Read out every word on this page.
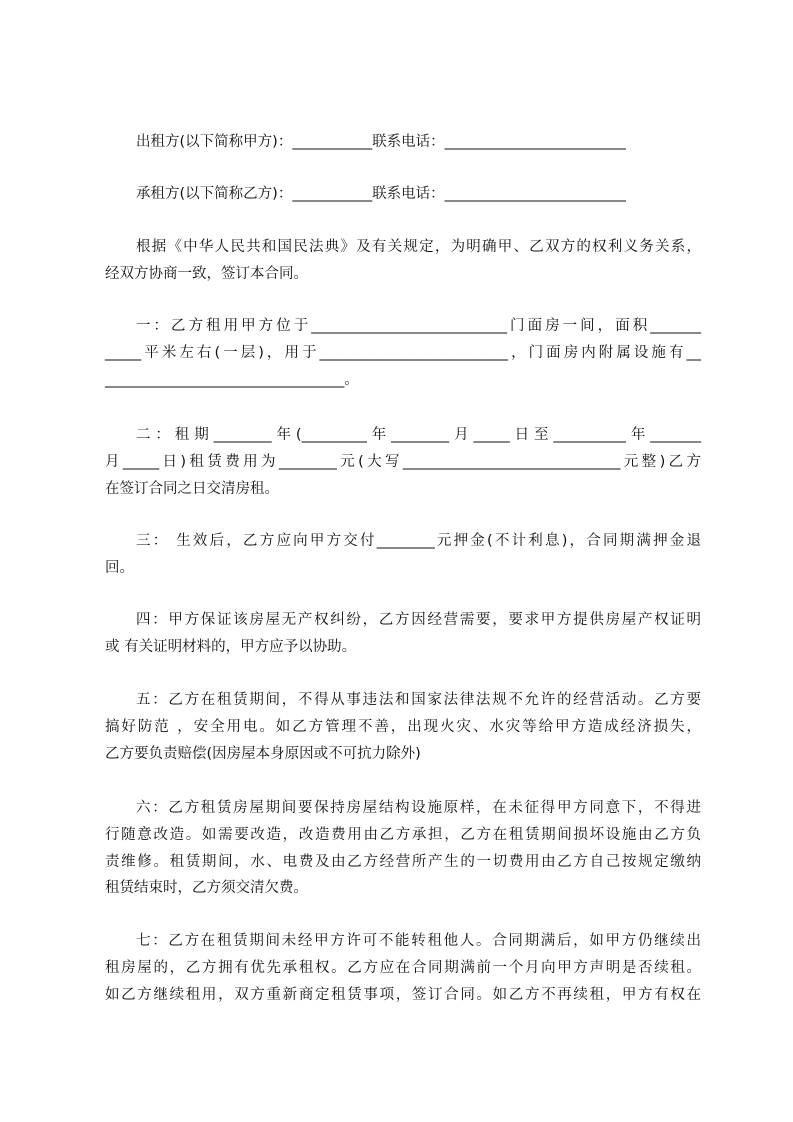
出租方(以下简称甲方)：___________联系电话：_________________________
承租方(以下简称乙方)：___________联系电话：_________________________
根据《中华人民共和国民法典》及有关规定，为明确甲、乙双方的权利义务关系，
经双方协商一致，签订本合同。
一：乙方租用甲方位于___________________________门面房一间，面积_______
_____平米左右(一层)，用于__________________________，门面房内附属设施有__
_________________________________。
二：租期________年(_________年________月_____日至__________年_______
月_____日)租赁费用为________元(大写______________________________元整)乙方
在签订合同之日交清房租。
三： 生效后，乙方应向甲方交付________元押金(不计利息)，合同期满押金退
回。
四：甲方保证该房屋无产权纠纷，乙方因经营需要，要求甲方提供房屋产权证明
或 有关证明材料的，甲方应予以协助。
五：乙方在租赁期间，不得从事违法和国家法律法规不允许的经营活动。乙方要
搞好防范 ，安全用电。如乙方管理不善，出现火灾、水灾等给甲方造成经济损失，
乙方要负责赔偿(因房屋本身原因或不可抗力除外)
六：乙方租赁房屋期间要保持房屋结构设施原样，在未征得甲方同意下，不得进
行随意改造。如需要改造，改造费用由乙方承担，乙方在租赁期间损坏设施由乙方负
责维修。租赁期间，水、电费及由乙方经营所产生的一切费用由乙方自己按规定缴纳
租赁结束时，乙方须交清欠费。
七：乙方在租赁期间未经甲方许可不能转租他人。合同期满后，如甲方仍继续出
租房屋的，乙方拥有优先承租权。乙方应在合同期满前一个月向甲方声明是否续租。
如乙方继续租用，双方重新商定租赁事项，签订合同。如乙方不再续租，甲方有权在
